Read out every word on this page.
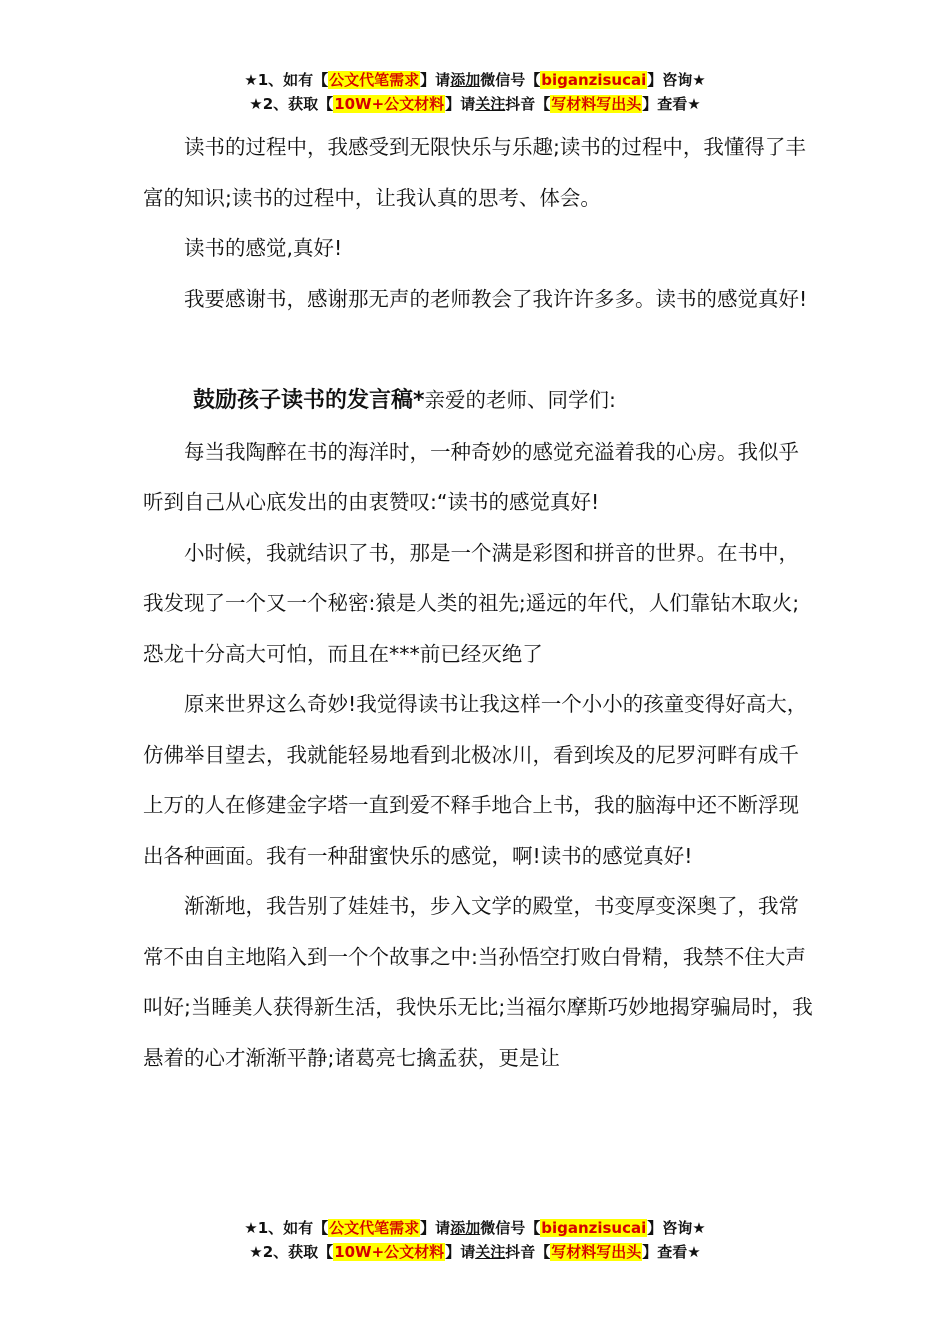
★1、如有【公文代笔需求】请添加微信号【biganzisucai】咨询★
★2、获取【10W+公文材料】请关注抖音【写材料写出头】查看★

读书的过程中，我感受到无限快乐与乐趣;读书的过程中，我懂得了丰富的知识;读书的过程中，让我认真的思考、体会。

读书的感觉,真好!

我要感谢书，感谢那无声的老师教会了我许许多多。读书的感觉真好!

鼓励孩子读书的发言稿*亲爱的老师、同学们:

每当我陶醉在书的海洋时，一种奇妙的感觉充溢着我的心房。我似乎听到自己从心底发出的由衷赞叹:“读书的感觉真好!

小时候，我就结识了书，那是一个满是彩图和拼音的世界。在书中，我发现了一个又一个秘密:猿是人类的祖先;遥远的年代，人们靠钻木取火;恐龙十分高大可怕，而且在***前已经灭绝了

原来世界这么奇妙!我觉得读书让我这样一个小小的孩童变得好高大，仿佛举目望去，我就能轻易地看到北极冰川，看到埃及的尼罗河畔有成千上万的人在修建金字塔一直到爱不释手地合上书，我的脑海中还不断浮现出各种画面。我有一种甜蜜快乐的感觉，啊!读书的感觉真好!

渐渐地，我告别了娃娃书，步入文学的殿堂，书变厚变深奥了，我常常不由自主地陷入到一个个故事之中:当孙悟空打败白骨精，我禁不住大声叫好;当睡美人获得新生活，我快乐无比;当福尔摩斯巧妙地揭穿骗局时，我悬着的心才渐渐平静;诸葛亮七擒孟获，更是让

★1、如有【公文代笔需求】请添加微信号【biganzisucai】咨询★
★2、获取【10W+公文材料】请关注抖音【写材料写出头】查看★
